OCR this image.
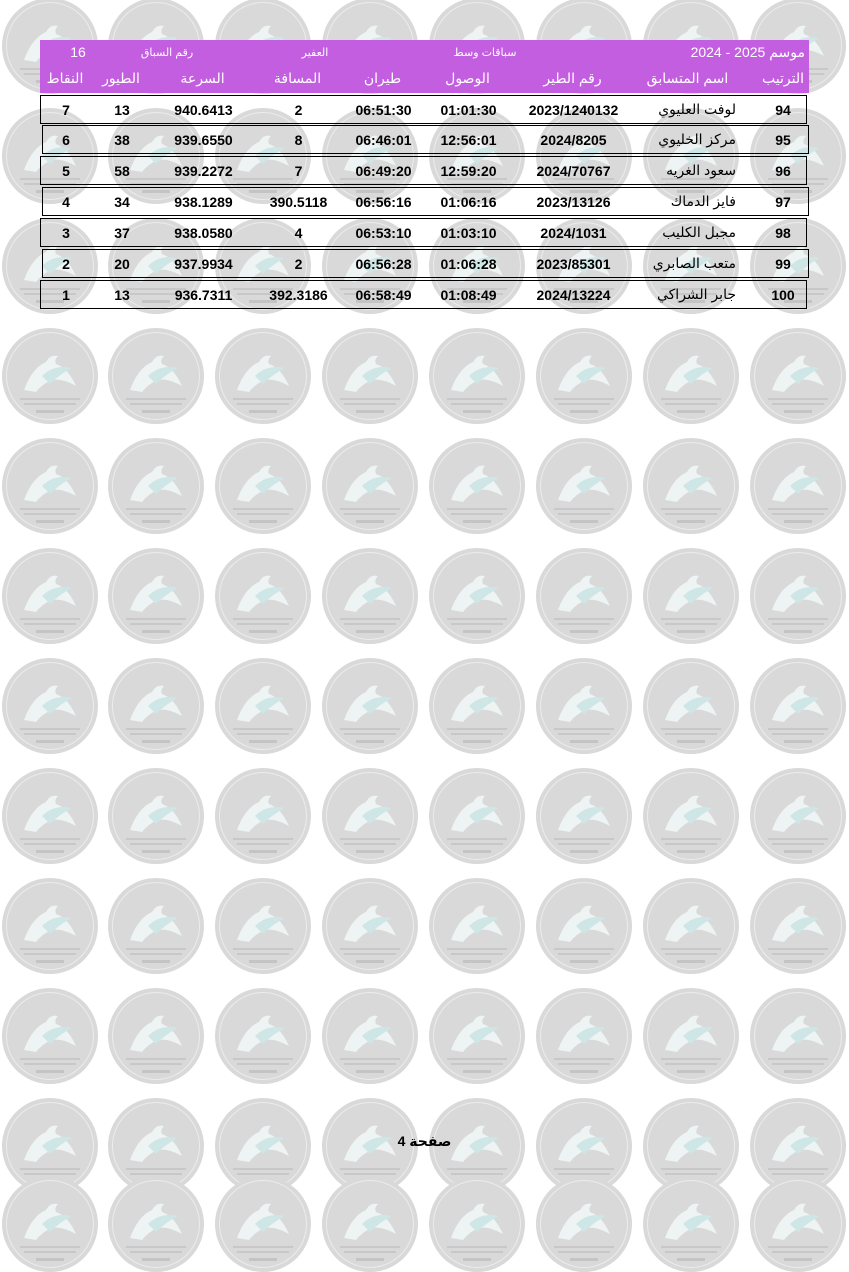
موسم 2025 - 2024
سباقات وسط
العفير
رقم السباق
16
الترتيب
اسم المتسابق
رقم الطير
الوصول
طيران
المسافة
السرعة
الطيور
النقاط
94
لوفت العليوي
2023/1240132
01:01:30
06:51:30
2
940.6413
13
7
95
مركز الخليوي
2024/8205
12:56:01
06:46:01
8
939.6550
38
6
96
سعود الغريه
2024/70767
12:59:20
06:49:20
7
939.2272
58
5
97
فايز الدماك
2023/13126
01:06:16
06:56:16
390.5118
938.1289
34
4
98
مجبل الكليب
2024/1031
01:03:10
06:53:10
4
938.0580
37
3
99
متعب الصابري
2023/85301
01:06:28
06:56:28
2
937.9934
20
2
100
جابر الشراكي
2024/13224
01:08:49
06:58:49
392.3186
936.7311
13
1
صفحة 4
